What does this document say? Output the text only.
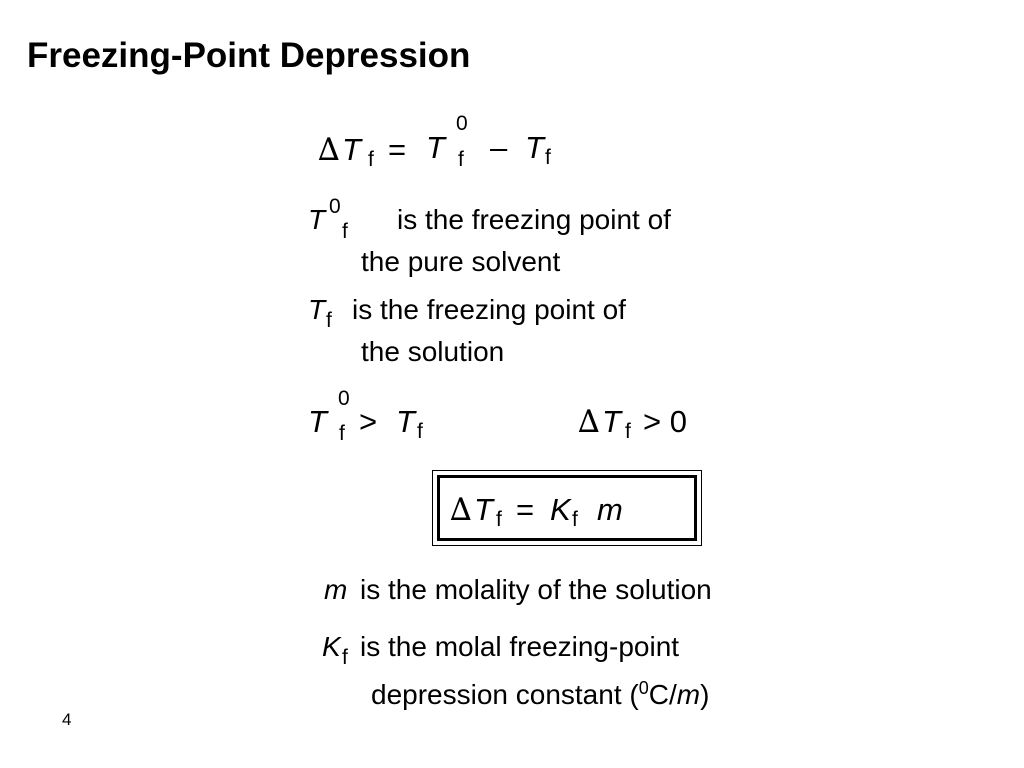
Freezing-Point Depression
∆ T f = T
0
f – T f
T 0
f is the freezing point of
the pure solvent
T f is the freezing point of
the solution
T
0
f > T f	∆ T f > 0
∆ T f = K f m
m is the molality of the solution
K f is the molal freezing-point
depression constant ($^0$C/m)
4
